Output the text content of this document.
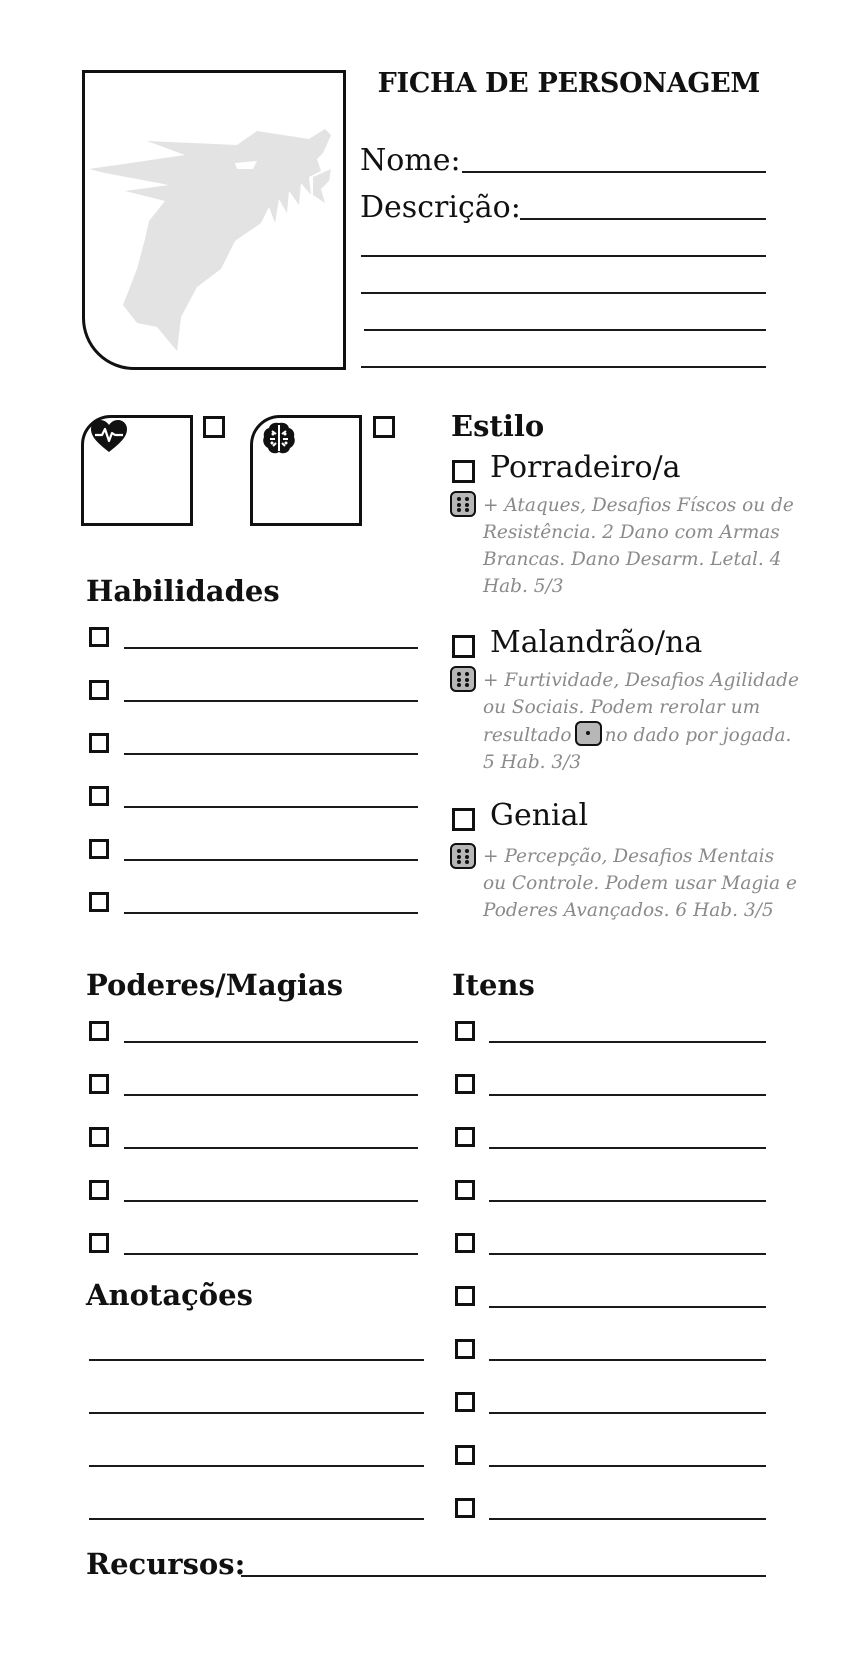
FICHA DE PERSONAGEM
Nome:
Descrição:
Estilo
Porradeiro/a
+ Ataques, Desafios Físcos ou de Resistência. 2 Dano com Armas Brancas. Dano Desarm. Letal. 4 Hab. 5/3
Malandrão/na
+ Furtividade, Desafios Agilidade ou Sociais. Podem rerolar um resultado no dado por jogada. 5 Hab. 3/3
Genial
+ Percepção, Desafios Mentais ou Controle. Podem usar Magia e Poderes Avançados. 6 Hab. 3/5
Habilidades
Poderes/Magias
Anotações
Itens
Recursos:
